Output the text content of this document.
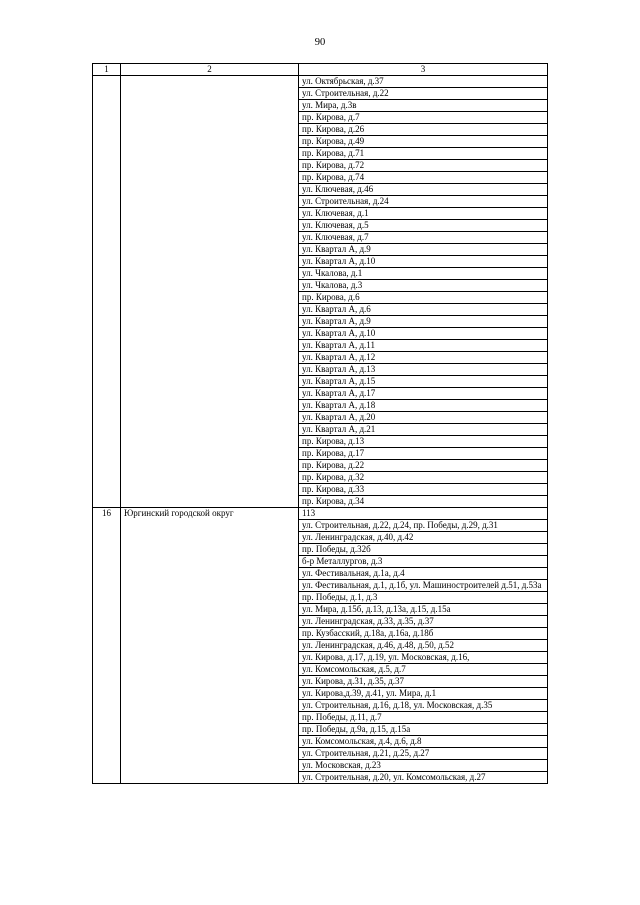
90
1	2	3
		ул. Октябрьская, д.37
		ул. Строительная, д.22
		ул. Мира, д.3в
		пр. Кирова, д.7
		пр. Кирова, д.26
		пр. Кирова, д.49
		пр. Кирова, д.71
		пр. Кирова, д.72
		пр. Кирова, д.74
		ул. Ключевая, д.46
		ул. Строительная, д.24
		ул. Ключевая, д.1
		ул. Ключевая, д.5
		ул. Ключевая, д.7
		ул. Квартал А, д.9
		ул. Квартал А, д.10
		ул. Чкалова, д.1
		ул. Чкалова, д.3
		пр. Кирова, д.6
		ул. Квартал А, д.6
		ул. Квартал А, д.9
		ул. Квартал А, д.10
		ул. Квартал А, д.11
		ул. Квартал А, д.12
		ул. Квартал А, д.13
		ул. Квартал А, д.15
		ул. Квартал А, д.17
		ул. Квартал А, д.18
		ул. Квартал А, д.20
		ул. Квартал А, д.21
		пр. Кирова, д.13
		пр. Кирова, д.17
		пр. Кирова, д.22
		пр. Кирова, д.32
		пр. Кирова, д.33
		пр. Кирова, д.34
16	Юргинский городской округ	113
		ул. Строительная, д.22, д.24, пр. Победы, д.29, д.31
		ул. Ленинградская, д.40, д.42
		пр. Победы, д.32б
		б-р Металлургов, д.3
		ул. Фестивальная, д.1а, д.4
		ул. Фестивальная, д.1, д.1б, ул. Машиностроителей д.51, д.53а
		пр. Победы, д.1, д.3
		ул. Мира, д.15б, д.13, д.13а, д.15, д.15а
		ул. Ленинградская, д.33, д.35, д.37
		пр. Кузбасский, д.18а, д.16а, д.18б
		ул. Ленинградская, д.46, д.48, д.50, д.52
		ул. Кирова, д.17, д.19, ул. Московская, д.16,
		ул. Комсомольская, д.5, д.7
		ул. Кирова, д.31, д.35, д.37
		ул. Кирова,д.39, д.41, ул. Мира, д.1
		ул. Строительная, д.16, д.18, ул. Московская, д.35
		пр. Победы, д.11, д.7
		пр. Победы, д.9а, д.15, д.15а
		ул. Комсомольская, д.4, д.6, д.8
		ул. Строительная, д.21, д.25, д.27
		ул. Московская, д.23
		ул. Строительная, д.20, ул. Комсомольская, д.27
